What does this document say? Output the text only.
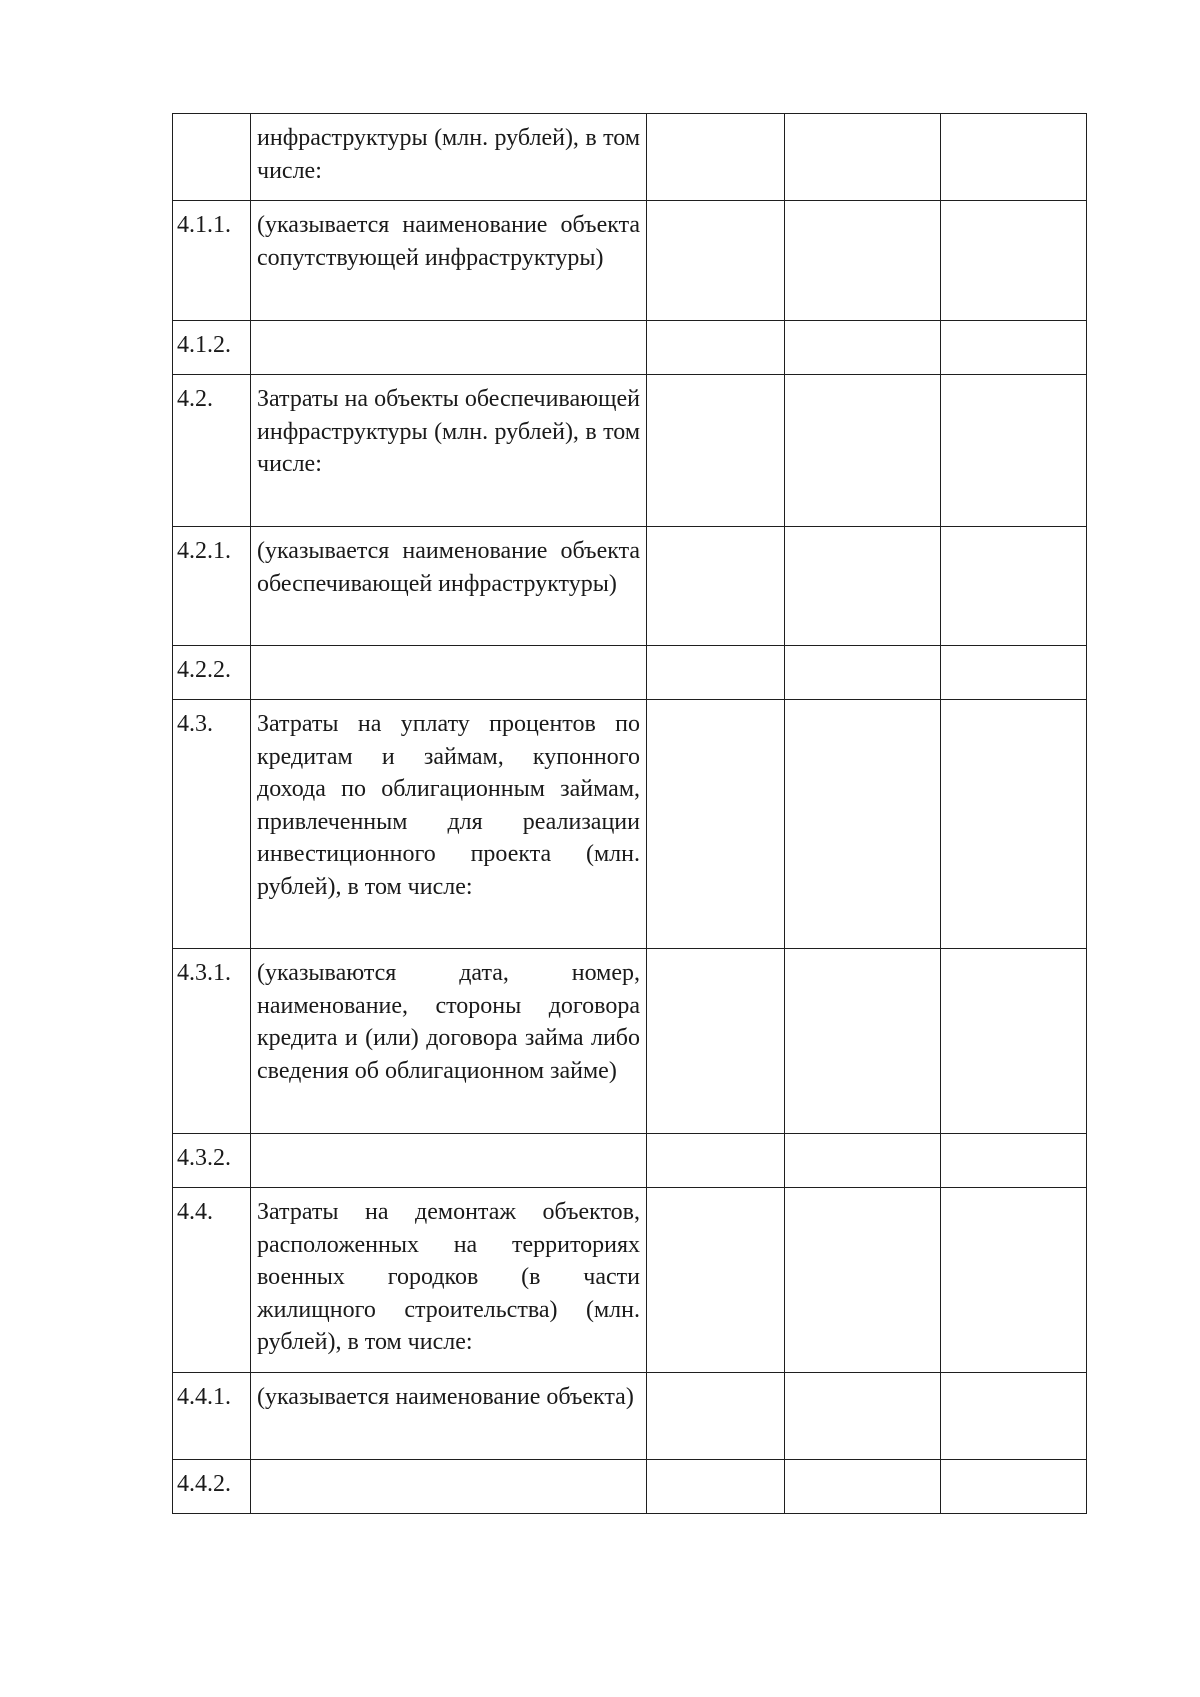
	инфраструктуры (млн. рублей), в том числе:			
4.1.1.	(указывается наименование объекта сопутствующей инфраструктуры)			
4.1.2.				
4.2.	Затраты на объекты обеспечивающей инфраструктуры (млн. рублей), в том числе:			
4.2.1.	(указывается наименование объекта обеспечивающей инфраструктуры)			
4.2.2.				
4.3.	Затраты на уплату процентов по кредитам и займам, купонного дохода по облигационным займам, привлеченным для реализации инвестиционного проекта (млн. рублей), в том числе:			
4.3.1.	(указываются дата, номер, наименование, стороны договора кредита и (или) договора займа либо сведения об облигационном займе)			
4.3.2.				
4.4.	Затраты на демонтаж объектов, расположенных на территориях военных городков (в части жилищного строительства) (млн. рублей), в том числе:			
4.4.1.	(указывается наименование объекта)			
4.4.2.				
